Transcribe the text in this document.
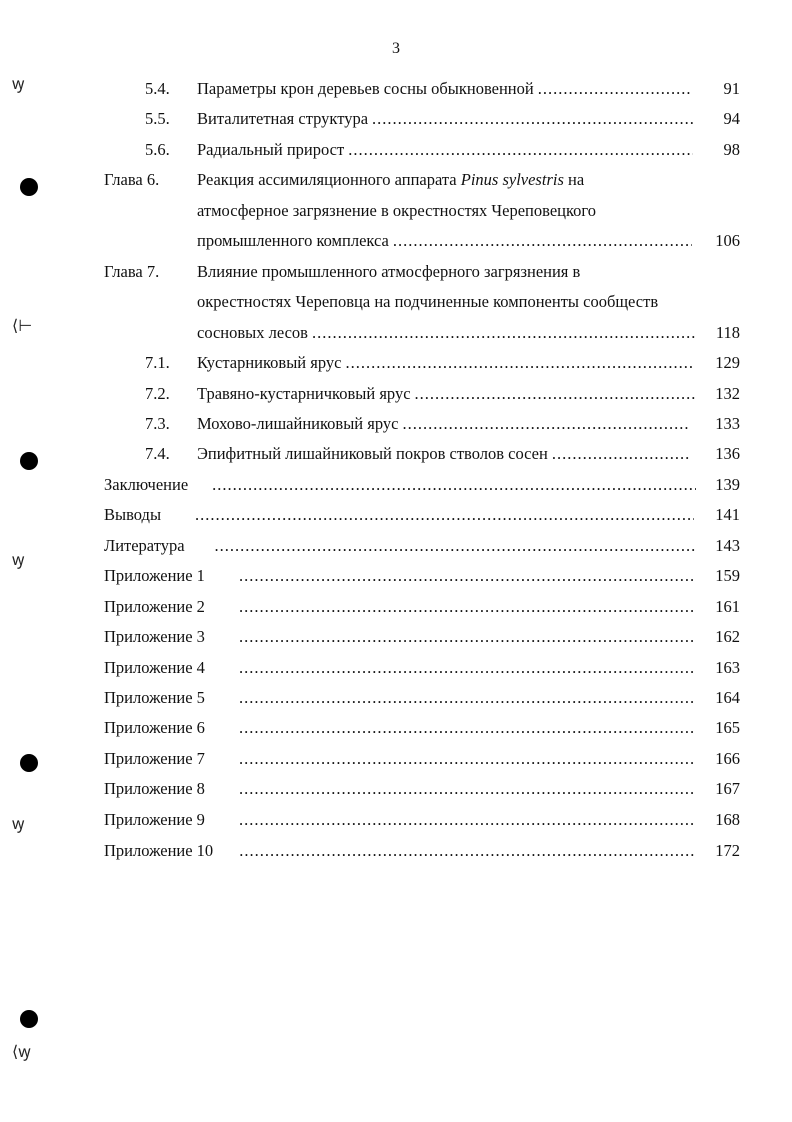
3
ꝡ
⟨⊢
ꝡ
ꝡ
⟨ꝡ
5.4. Параметры крон деревьев сосны обыкновенной .....	91
5.5. Виталитетная структура .....	94
5.6. Радиальный прирост .....	98
Глава 6. Реакция ассимиляционного аппарата Pinus sylvestris на
атмосферное загрязнение в окрестностях Череповецкого
промышленного комплекса .....	106
Глава 7. Влияние промышленного атмосферного загрязнения в
окрестностях Череповца на подчиненные компоненты сообществ
сосновых лесов .....	118
7.1. Кустарниковый ярус .....	129
7.2. Травяно-кустарничковый ярус .....	132
7.3. Мохово-лишайниковый ярус .....	133
7.4. Эпифитный лишайниковый покров стволов сосен .....	136
Заключение .....	139
Выводы .....	141
Литература .....	143
Приложение 1 .....	159
Приложение 2 .....	161
Приложение 3 .....	162
Приложение 4 .....	163
Приложение 5 .....	164
Приложение 6 .....	165
Приложение 7 .....	166
Приложение 8 .....	167
Приложение 9 .....	168
Приложение 10 .....	172
